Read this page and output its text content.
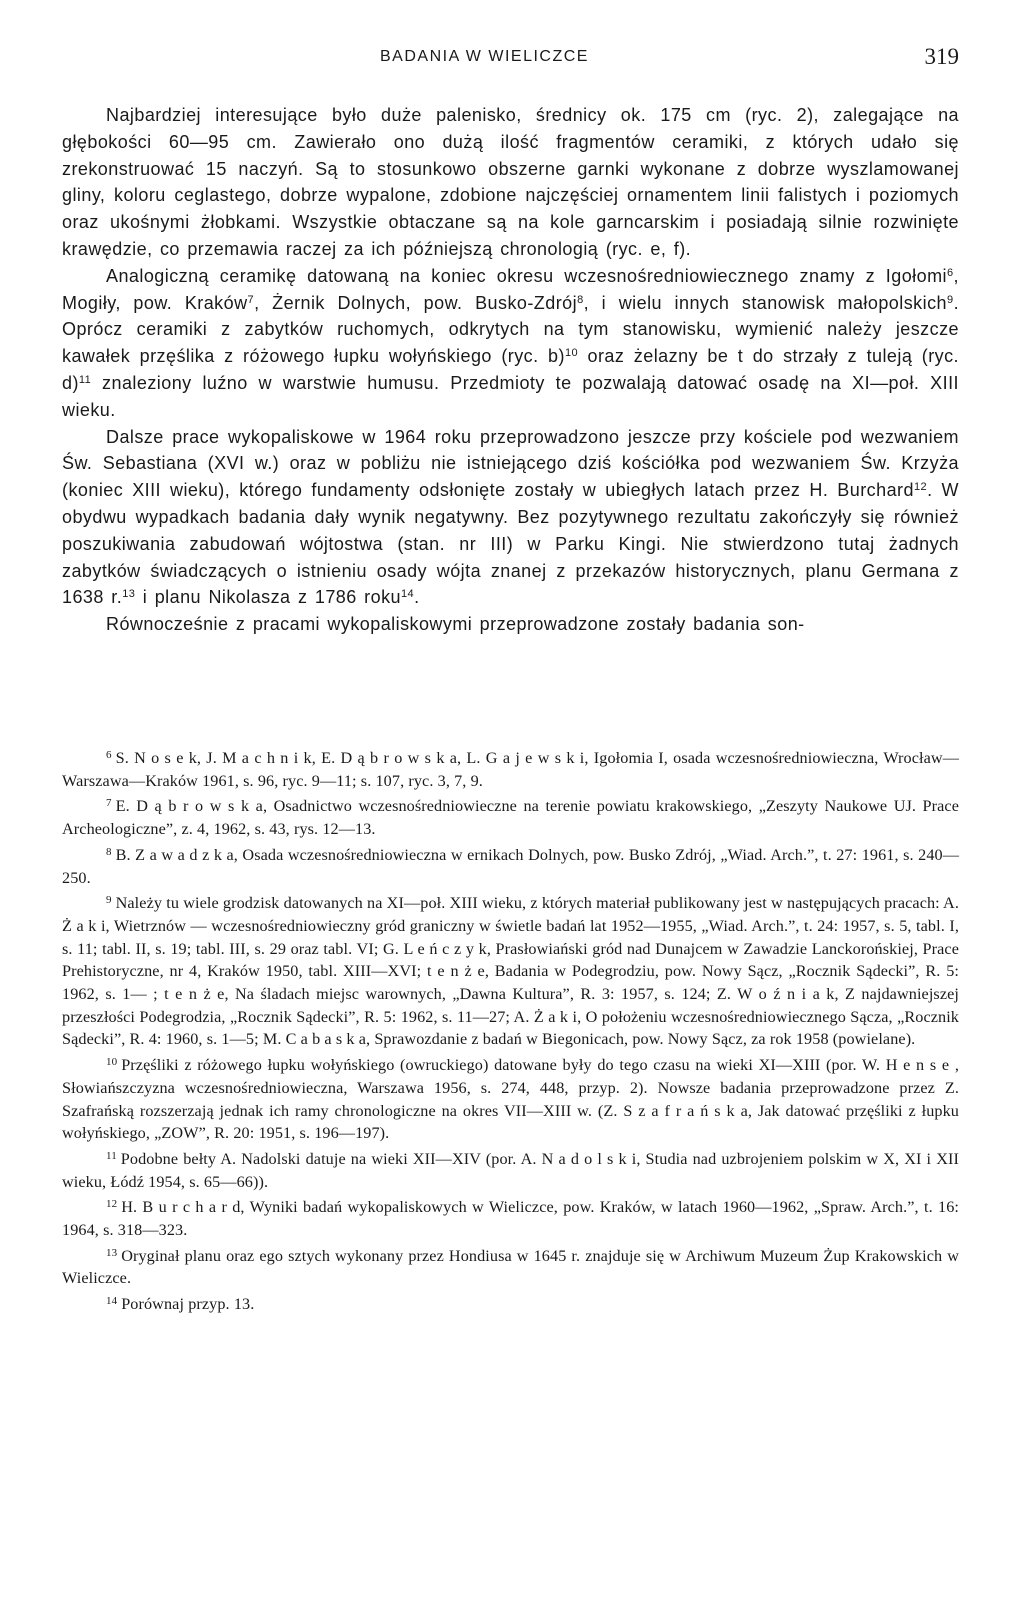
BADANIA W WIELICZCE	319

Najbardziej interesujące było duże palenisko, średnicy ok. 175 cm (ryc. 2), zalegające na głębokości 60—95 cm. Zawierało ono dużą ilość fragmentów ceramiki, z których udało się zrekonstruować 15 naczyń. Są to stosunkowo obszerne garnki wykonane z dobrze wyszlamowanej gliny, koloru ceglastego, dobrze wypalone, zdobione najczęściej ornamentem linii falistych i poziomych oraz ukośnymi żłobkami. Wszystkie obtaczane są na kole garncarskim i posiadają silnie rozwinięte krawędzie, co przemawia raczej za ich późniejszą chronologią (ryc. e, f).

Analogiczną ceramikę datowaną na koniec okresu wczesnośredniowiecznego znamy z Igołomi$^6$, Mogiły, pow. Kraków$^7$, Żernik Dolnych, pow. Busko-Zdrój$^8$, i wielu innych stanowisk małopolskich$^9$. Oprócz ceramiki z zabytków ruchomych, odkrytych na tym stanowisku, wymienić należy jeszcze kawałek przęślika z różowego łupku wołyńskiego (ryc. b)$^{10}$ oraz żelazny be t do strzały z tuleją (ryc. d)$^{11}$ znaleziony luźno w warstwie humusu. Przedmioty te pozwalają datować osadę na XI—poł. XIII wieku.

Dalsze prace wykopaliskowe w 1964 roku przeprowadzono jeszcze przy kościele pod wezwaniem Św. Sebastiana (XVI w.) oraz w pobliżu nie istniejącego dziś kościółka pod wezwaniem Św. Krzyża (koniec XIII wieku), którego fundamenty odsłonięte zostały w ubiegłych latach przez H. Burchard$^{12}$. W obydwu wypadkach badania dały wynik negatywny. Bez pozytywnego rezultatu zakończyły się również poszukiwania zabudowań wójtostwa (stan. nr III) w Parku Kingi. Nie stwierdzono tutaj żadnych zabytków świadczących o istnieniu osady wójta znanej z przekazów historycznych, planu Germana z 1638 r.$^{13}$ i planu Nikolasza z 1786 roku$^{14}$.

Równocześnie z pracami wykopaliskowymi przeprowadzone zostały badania son-

$^6$ S. N o s e k, J. M a c h n i k, E. D ą b r o w s k a, L. G a j e w s k i, Igołomia I, osada wczesnośredniowieczna, Wrocław—Warszawa—Kraków 1961, s. 96, ryc. 9—11; s. 107, ryc. 3, 7, 9.

$^7$ E. D ą b r o w s k a, Osadnictwo wczesnośredniowieczne na terenie powiatu krakowskiego, „Zeszyty Naukowe UJ. Prace Archeologiczne”, z. 4, 1962, s. 43, rys. 12—13.

$^8$ B. Z a w a d z k a, Osada wczesnośredniowieczna w ernikach Dolnych, pow. Busko Zdrój, „Wiad. Arch.”, t. 27: 1961, s. 240—250.

$^9$ Należy tu wiele grodzisk datowanych na XI—poł. XIII wieku, z których materiał publikowany jest w następujących pracach: A. Ż a k i, Wietrznów — wczesnośredniowieczny gród graniczny w świetle badań lat 1952—1955, „Wiad. Arch.”, t. 24: 1957, s. 5, tabl. I, s. 11; tabl. II, s. 19; tabl. III, s. 29 oraz tabl. VI; G. L e ń c z y k, Prasłowiański gród nad Dunajcem w Zawadzie Lanckorońskiej, Prace Prehistoryczne, nr 4, Kraków 1950, tabl. XIII—XVI; t e n ż e, Badania w Podegrodziu, pow. Nowy Sącz, „Rocznik Sądecki”, R. 5: 1962, s. 1— ; t e n ż e, Na śladach miejsc warownych, „Dawna Kultura”, R. 3: 1957, s. 124; Z. W o ź n i a k, Z najdawniejszej przeszłości Podegrodzia, „Rocznik Sądecki”, R. 5: 1962, s. 11—27; A. Ż a k i, O położeniu wczesnośredniowiecznego Sącza, „Rocznik Sądecki”, R. 4: 1960, s. 1—5; M. C a b a s k a, Sprawozdanie z badań w Biegonicach, pow. Nowy Sącz, za rok 1958 (powielane).

$^{10}$ Przęśliki z różowego łupku wołyńskiego (owruckiego) datowane były do tego czasu na wieki XI—XIII (por. W. H e n s e , Słowiańszczyzna wczesnośredniowieczna, Warszawa 1956, s. 274, 448, przyp. 2). Nowsze badania przeprowadzone przez Z. Szafrańską rozszerzają jednak ich ramy chronologiczne na okres VII—XIII w. (Z. S z a f r a ń s k a, Jak datować przęśliki z łupku wołyńskiego, „ZOW”, R. 20: 1951, s. 196—197).

$^{11}$ Podobne bełty A. Nadolski datuje na wieki XII—XIV (por. A. N a d o l s k i, Studia nad uzbrojeniem polskim w X, XI i XII wieku, Łódź 1954, s. 65—66)).

$^{12}$ H. B u r c h a r d, Wyniki badań wykopaliskowych w Wieliczce, pow. Kraków, w latach 1960—1962, „Spraw. Arch.”, t. 16: 1964, s. 318—323.

$^{13}$ Oryginał planu oraz ego sztych wykonany przez Hondiusa w 1645 r. znajduje się w Archiwum Muzeum Żup Krakowskich w Wieliczce.

$^{14}$ Porównaj przyp. 13.
